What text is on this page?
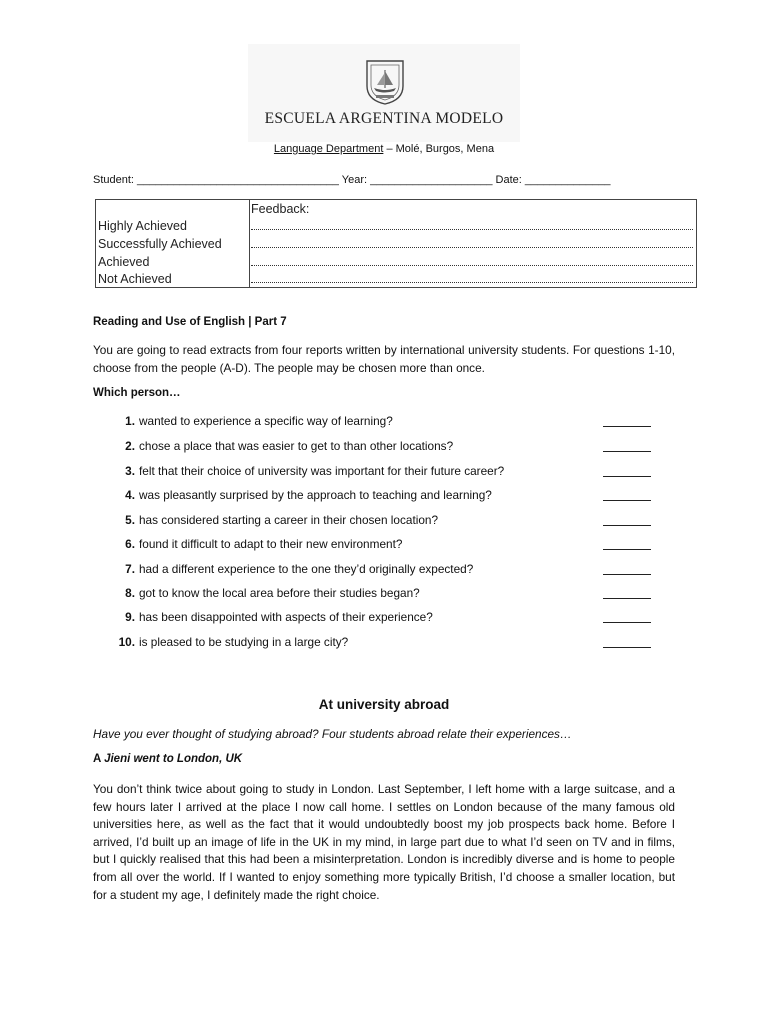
ESCUELA ARGENTINA MODELO
Language Department – Molé, Burgos, Mena
Student: _________________________________ Year: ____________________ Date: ______________
Highly Achieved
Successfully Achieved
Achieved
Not Achieved
Feedback:
Reading and Use of English | Part 7
You are going to read extracts from four reports written by international university students. For questions 1-10, choose from the people (A-D). The people may be chosen more than once.
Which person…
1. wanted to experience a specific way of learning?
2. chose a place that was easier to get to than other locations?
3. felt that their choice of university was important for their future career?
4. was pleasantly surprised by the approach to teaching and learning?
5. has considered starting a career in their chosen location?
6. found it difficult to adapt to their new environment?
7. had a different experience to the one they’d originally expected?
8. got to know the local area before their studies began?
9. has been disappointed with aspects of their experience?
10. is pleased to be studying in a large city?
At university abroad
Have you ever thought of studying abroad? Four students abroad relate their experiences…
A Jieni went to London, UK
You don’t think twice about going to study in London. Last September, I left home with a large suitcase, and a few hours later I arrived at the place I now call home. I settles on London because of the many famous old universities here, as well as the fact that it would undoubtedly boost my job prospects back home. Before I arrived, I’d built up an image of life in the UK in my mind, in large part due to what I’d seen on TV and in films, but I quickly realised that this had been a misinterpretation. London is incredibly diverse and is home to people from all over the world. If I wanted to enjoy something more typically British, I’d choose a smaller location, but for a student my age, I definitely made the right choice.
